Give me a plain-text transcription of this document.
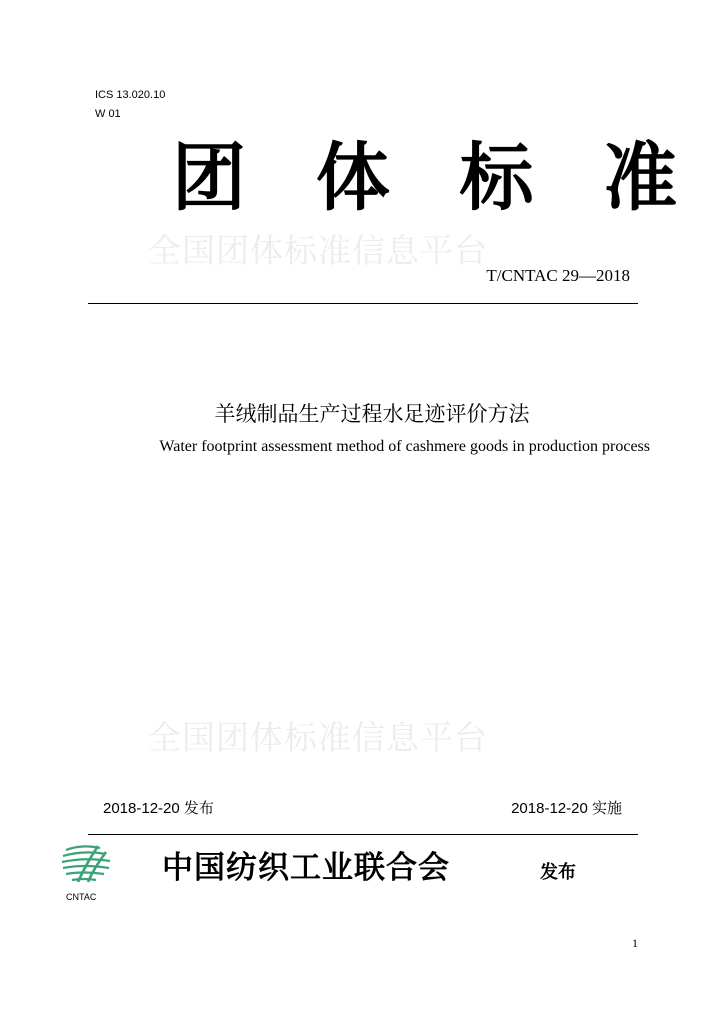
ICS 13.020.10
W 01
团 体 标 准
全国团体标准信息平台
T/CNTAC 29—2018
羊绒制品生产过程水足迹评价方法
Water footprint assessment method of cashmere goods in production process
全国团体标准信息平台
2018-12-20 发布	2018-12-20 实施
CNTAC
中国纺织工业联合会	发布
1
